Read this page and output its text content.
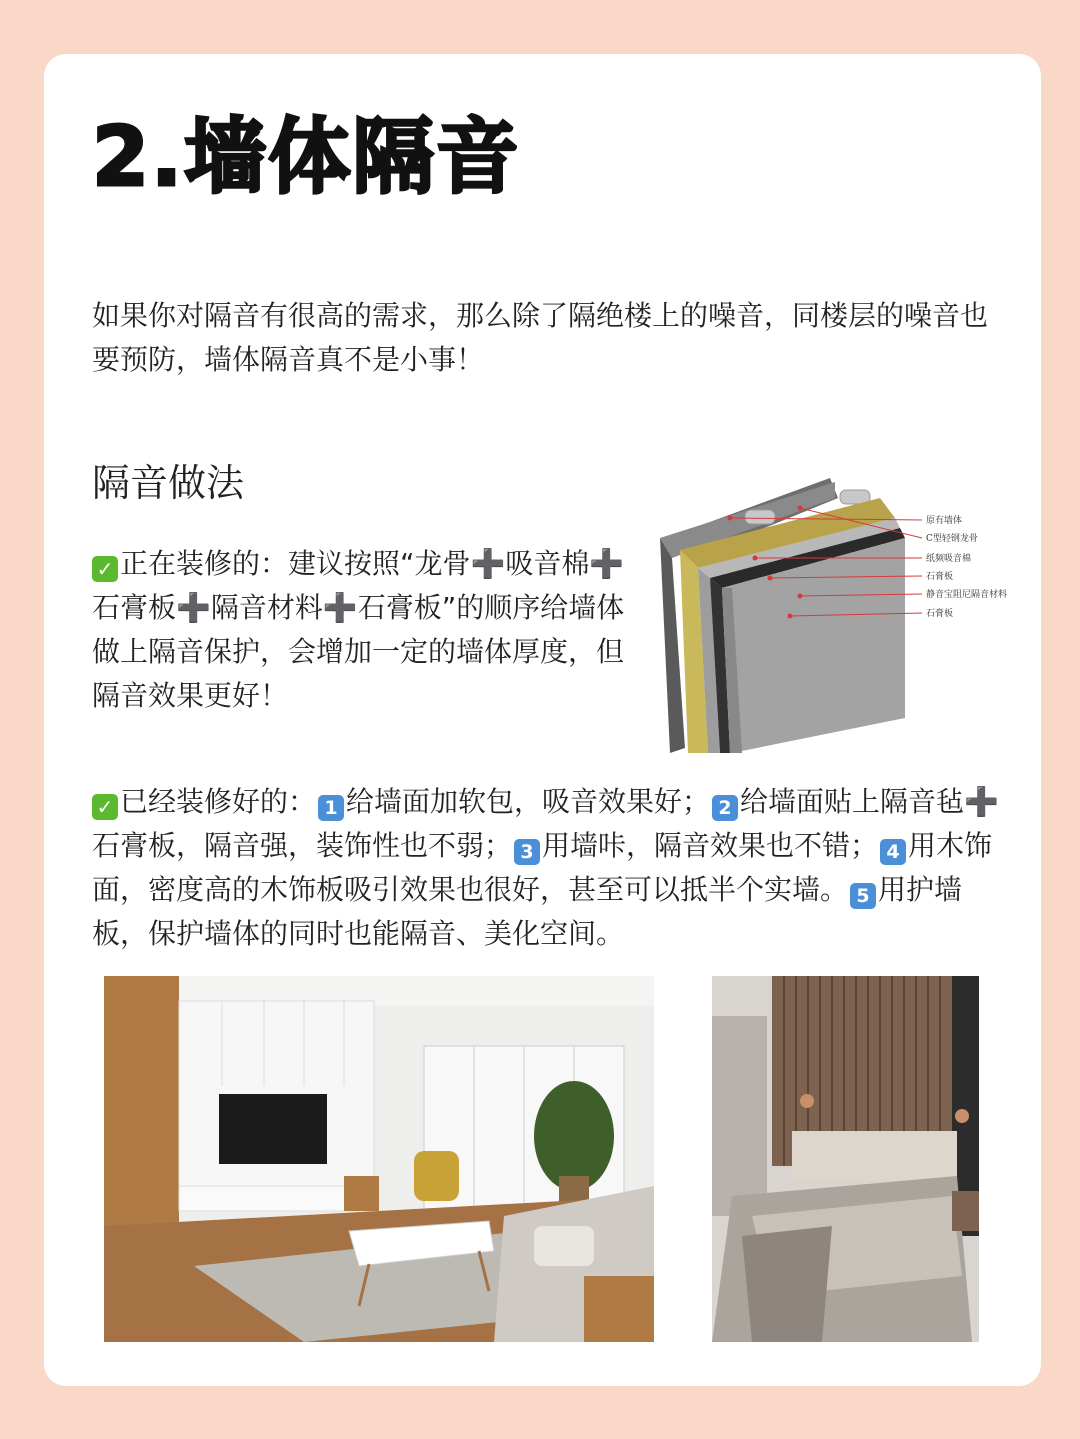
2.墙体隔音
如果你对隔音有很高的需求，那么除了隔绝楼上的噪音，同楼层的噪音也要预防，墙体隔音真不是小事！
隔音做法
✓ 正在装修的：建议按照“龙骨➕吸音棉➕石膏板➕隔音材料➕石膏板”的顺序给墙体做上隔音保护，会增加一定的墙体厚度，但隔音效果更好！
原有墙体
C型轻钢龙骨
纸频吸音棉
石膏板
静音宝阻尼隔音材料
石膏板
✓ 已经装修好的： 1 给墙面加软包，吸音效果好； 2 给墙面贴上隔音毡➕石膏板，隔音强，装饰性也不弱； 3 用墙咔，隔音效果也不错； 4 用木饰面，密度高的木饰板吸引效果也很好，甚至可以抵半个实墙。 5 用护墙板，保护墙体的同时也能隔音、美化空间。
